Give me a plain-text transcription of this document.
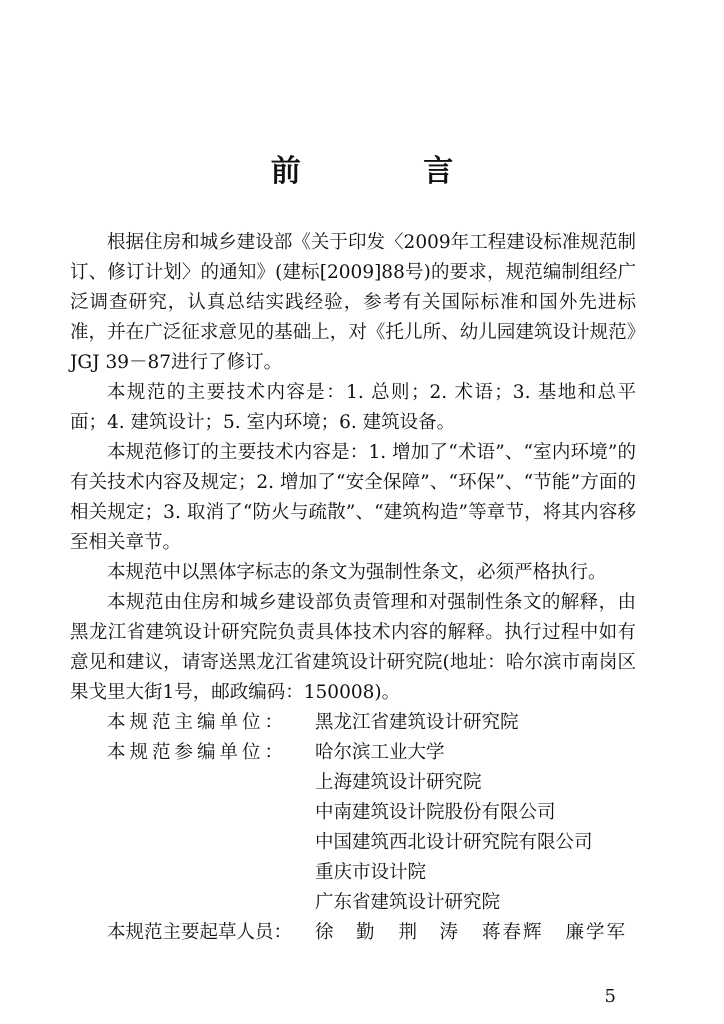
前 言

根据住房和城乡建设部《关于印发〈2009年工程建设标准规范制订、修订计划〉的通知》(建标[2009]88号)的要求，规范编制组经广泛调查研究，认真总结实践经验，参考有关国际标准和国外先进标准，并在广泛征求意见的基础上，对《托儿所、幼儿园建筑设计规范》JGJ 39－87进行了修订。

本规范的主要技术内容是：1. 总则；2. 术语；3. 基地和总平面；4. 建筑设计；5. 室内环境；6. 建筑设备。

本规范修订的主要技术内容是：1. 增加了“术语”、“室内环境”的有关技术内容及规定；2. 增加了“安全保障”、“环保”、“节能”方面的相关规定；3. 取消了“防火与疏散”、“建筑构造”等章节，将其内容移至相关章节。

本规范中以黑体字标志的条文为强制性条文，必须严格执行。

本规范由住房和城乡建设部负责管理和对强制性条文的解释，由黑龙江省建筑设计研究院负责具体技术内容的解释。执行过程中如有意见和建议，请寄送黑龙江省建筑设计研究院(地址：哈尔滨市南岗区果戈里大街1号，邮政编码：150008)。

本规范主编单位：	黑龙江省建筑设计研究院
本规范参编单位：	哈尔滨工业大学
上海建筑设计研究院
中南建筑设计院股份有限公司
中国建筑西北设计研究院有限公司
重庆市设计院
广东省建筑设计研究院
本规范主要起草人员：	徐　勤 荆　涛 蒋春辉 廉学军
5
